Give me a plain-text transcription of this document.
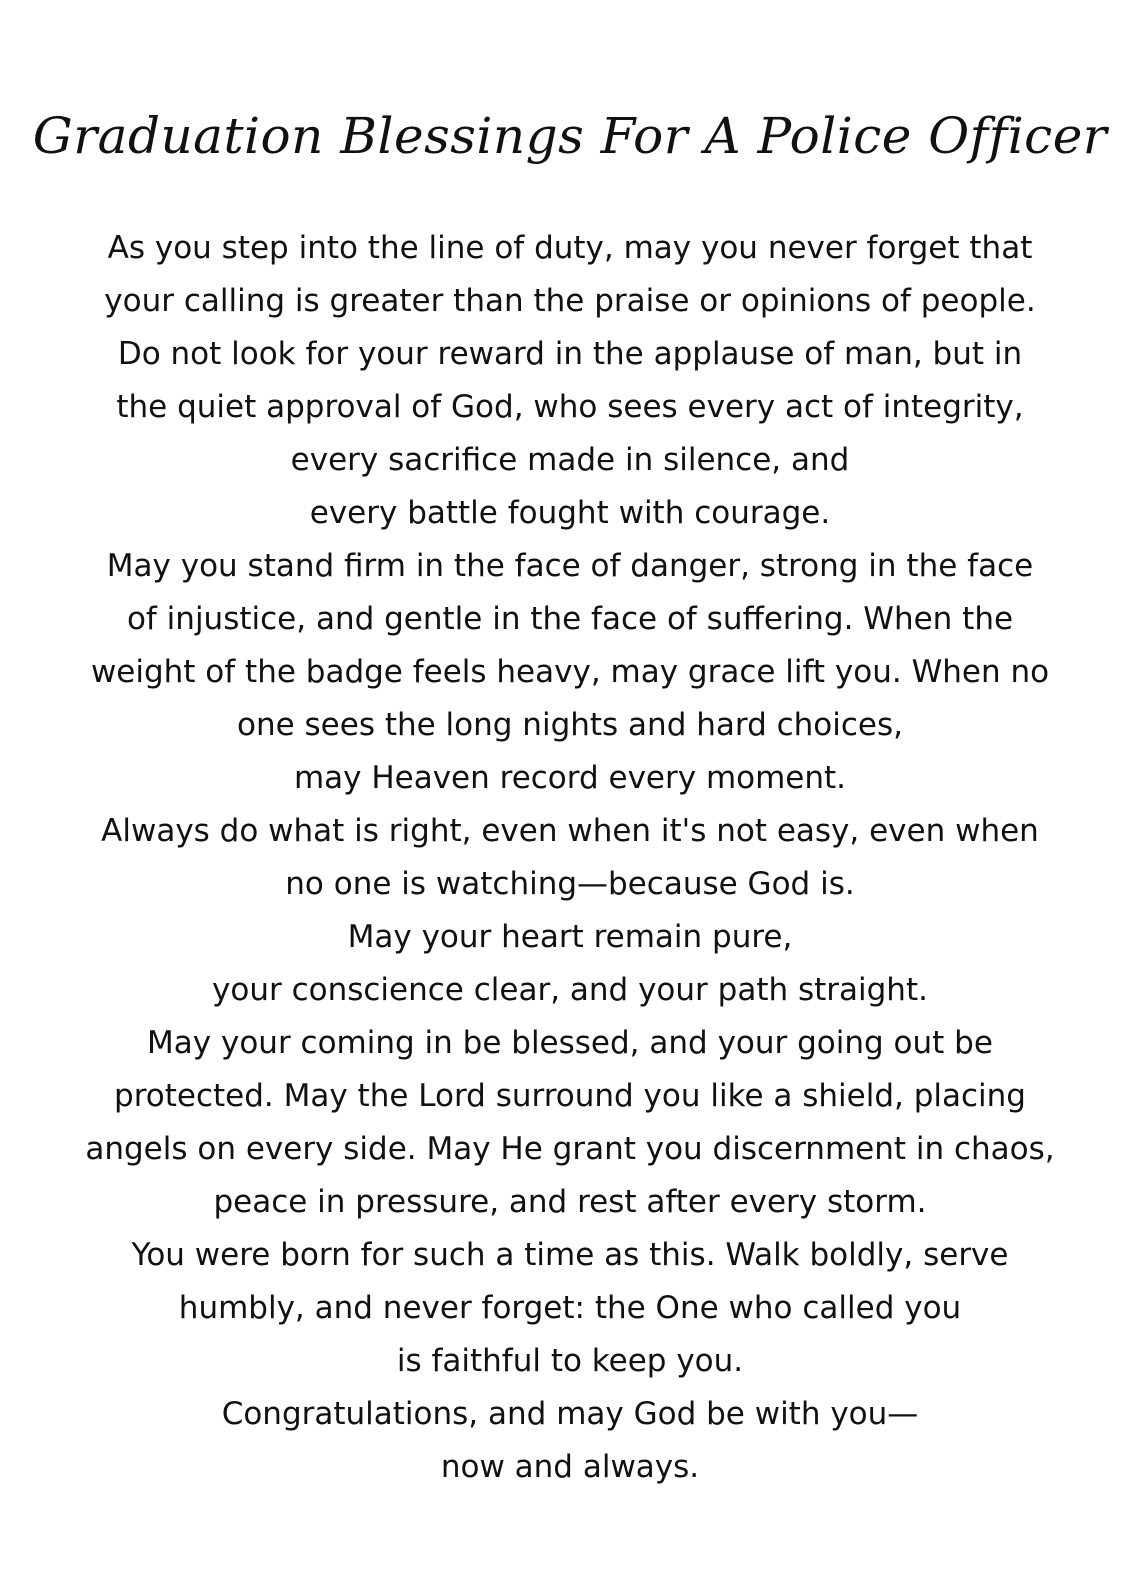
Graduation Blessings For A Police Officer
As you step into the line of duty, may you never forget that
your calling is greater than the praise or opinions of people.
Do not look for your reward in the applause of man, but in
the quiet approval of God, who sees every act of integrity,
every sacrifice made in silence, and
every battle fought with courage.
May you stand firm in the face of danger, strong in the face
of injustice, and gentle in the face of suffering. When the
weight of the badge feels heavy, may grace lift you. When no
one sees the long nights and hard choices,
may Heaven record every moment.
Always do what is right, even when it's not easy, even when
no one is watching—because God is.
May your heart remain pure,
your conscience clear, and your path straight.
May your coming in be blessed, and your going out be
protected. May the Lord surround you like a shield, placing
angels on every side. May He grant you discernment in chaos,
peace in pressure, and rest after every storm.
You were born for such a time as this. Walk boldly, serve
humbly, and never forget: the One who called you
is faithful to keep you.
Congratulations, and may God be with you—
now and always.
